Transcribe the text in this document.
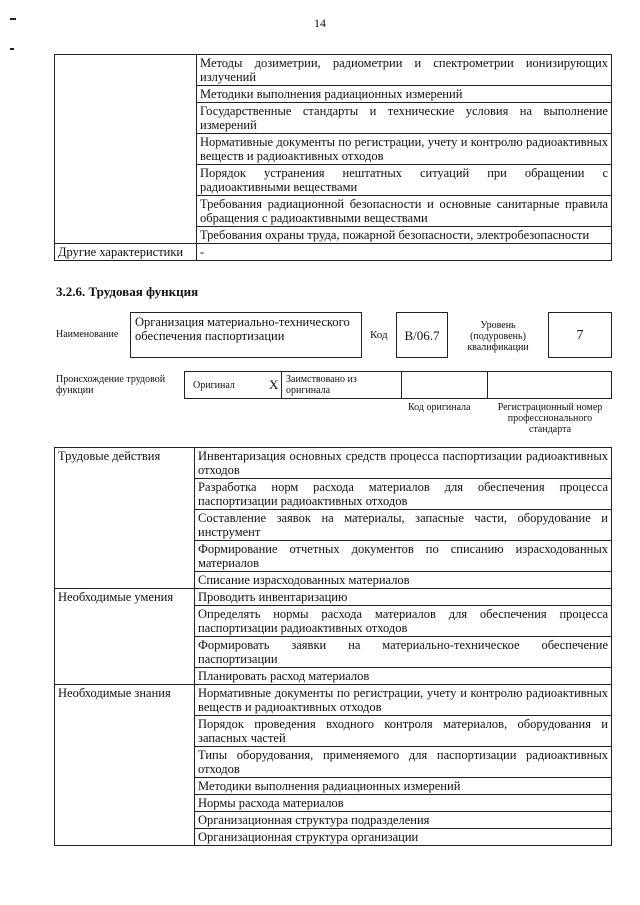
14
	Методы дозиметрии, радиометрии и спектрометрии ионизирующих излучений
	Методики выполнения радиационных измерений
	Государственные стандарты и технические условия на выполнение измерений
	Нормативные документы по регистрации, учету и контролю радиоактивных веществ и радиоактивных отходов
	Порядок устранения нештатных ситуаций при обращении с радиоактивными веществами
	Требования радиационной безопасности и основные санитарные правила обращения с радиоактивными веществами
	Требования охраны труда, пожарной безопасности, электробезопасности
Другие характеристики	-
3.2.6. Трудовая функция
Наименование
Организация материально-технического обеспечения паспортизации	Код	B/06.7
Уровень (подуровень) квалификации
7
Происхождение трудовой функции	Оригинал	X Заимствовано из оригинала
Код оригинала	Регистрационный номер профессионального стандарта
Трудовые действия	Инвентаризация основных средств процесса паспортизации радиоактивных отходов
	Разработка норм расхода материалов для обеспечения процесса паспортизации радиоактивных отходов
	Составление заявок на материалы, запасные части, оборудование и инструмент
	Формирование отчетных документов по списанию израсходованных материалов
	Списание израсходованных материалов
Необходимые умения	Проводить инвентаризацию
	Определять нормы расхода материалов для обеспечения процесса паспортизации радиоактивных отходов
	Формировать заявки на материально-техническое обеспечение паспортизации
	Планировать расход материалов
Необходимые знания	Нормативные документы по регистрации, учету и контролю радиоактивных веществ и радиоактивных отходов
	Порядок проведения входного контроля материалов, оборудования и запасных частей
	Типы оборудования, применяемого для паспортизации радиоактивных отходов
	Методики выполнения радиационных измерений
	Нормы расхода материалов
	Организационная структура подразделения
	Организационная структура организации
